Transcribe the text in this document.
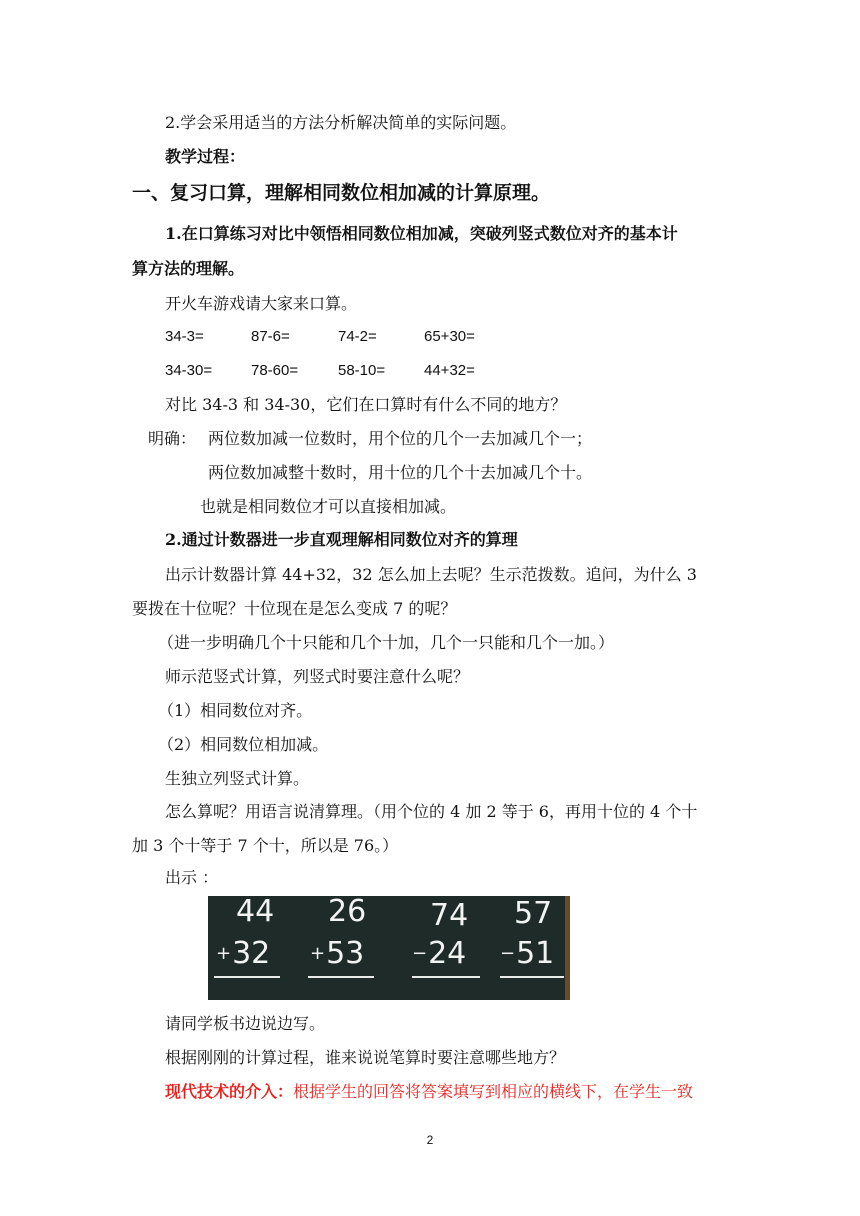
2.学会采用适当的方法分析解决简单的实际问题。
教学过程：
一、复习口算，理解相同数位相加减的计算原理。
1.在口算练习对比中领悟相同数位相加减，突破列竖式数位对齐的基本计
算方法的理解。
开火车游戏请大家来口算。
34-3=	87-6=	74-2=	65+30=
34-30=	78-60=	58-10=	44+32=
对比 34-3 和 34-30，它们在口算时有什么不同的地方？
明确： 两位数加减一位数时，用个位的几个一去加减几个一；
两位数加减整十数时，用十位的几个十去加减几个十。
也就是相同数位才可以直接相加减。
2.通过计数器进一步直观理解相同数位对齐的算理
出示计数器计算 44+32，32 怎么加上去呢？生示范拨数。追问，为什么 3
要拨在十位呢？十位现在是怎么变成 7 的呢？
（进一步明确几个十只能和几个十加，几个一只能和几个一加。）
师示范竖式计算，列竖式时要注意什么呢？
（1）相同数位对齐。
（2）相同数位相加减。
生独立列竖式计算。
怎么算呢？用语言说清算理。（用个位的 4 加 2 等于 6，再用十位的 4 个十
加 3 个十等于 7 个十，所以是 76。）
出示 ：
44
+32
26
+53
74
−24
57
−51
请同学板书边说边写。
根据刚刚的计算过程，谁来说说笔算时要注意哪些地方？
现代技术的介入：根据学生的回答将答案填写到相应的横线下，在学生一致
2
